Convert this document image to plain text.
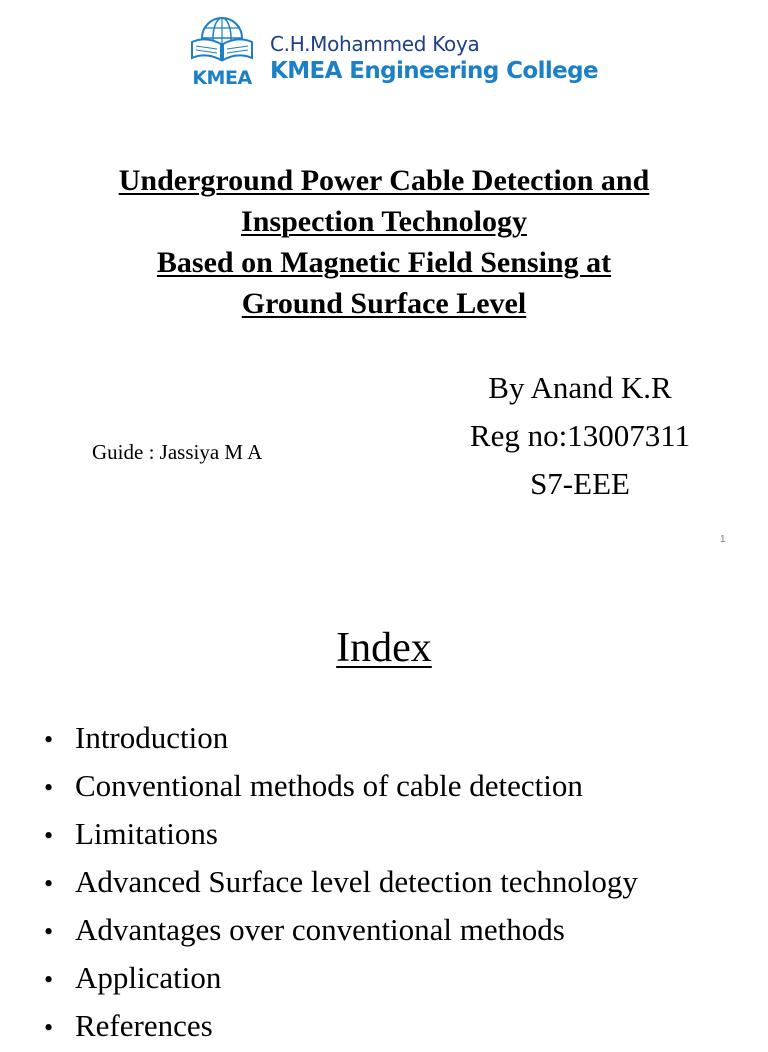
KMEA
C.H.Mohammed Koya
KMEA Engineering College
Underground Power Cable Detection and
Inspection Technology
Based on Magnetic Field Sensing at
Ground Surface Level
Guide : Jassiya M A
By Anand K.R
Reg no:13007311
S7-EEE
1
Index
• Introduction
• Conventional methods of cable detection
• Limitations
• Advanced Surface level detection technology
• Advantages over conventional methods
• Application
• References
